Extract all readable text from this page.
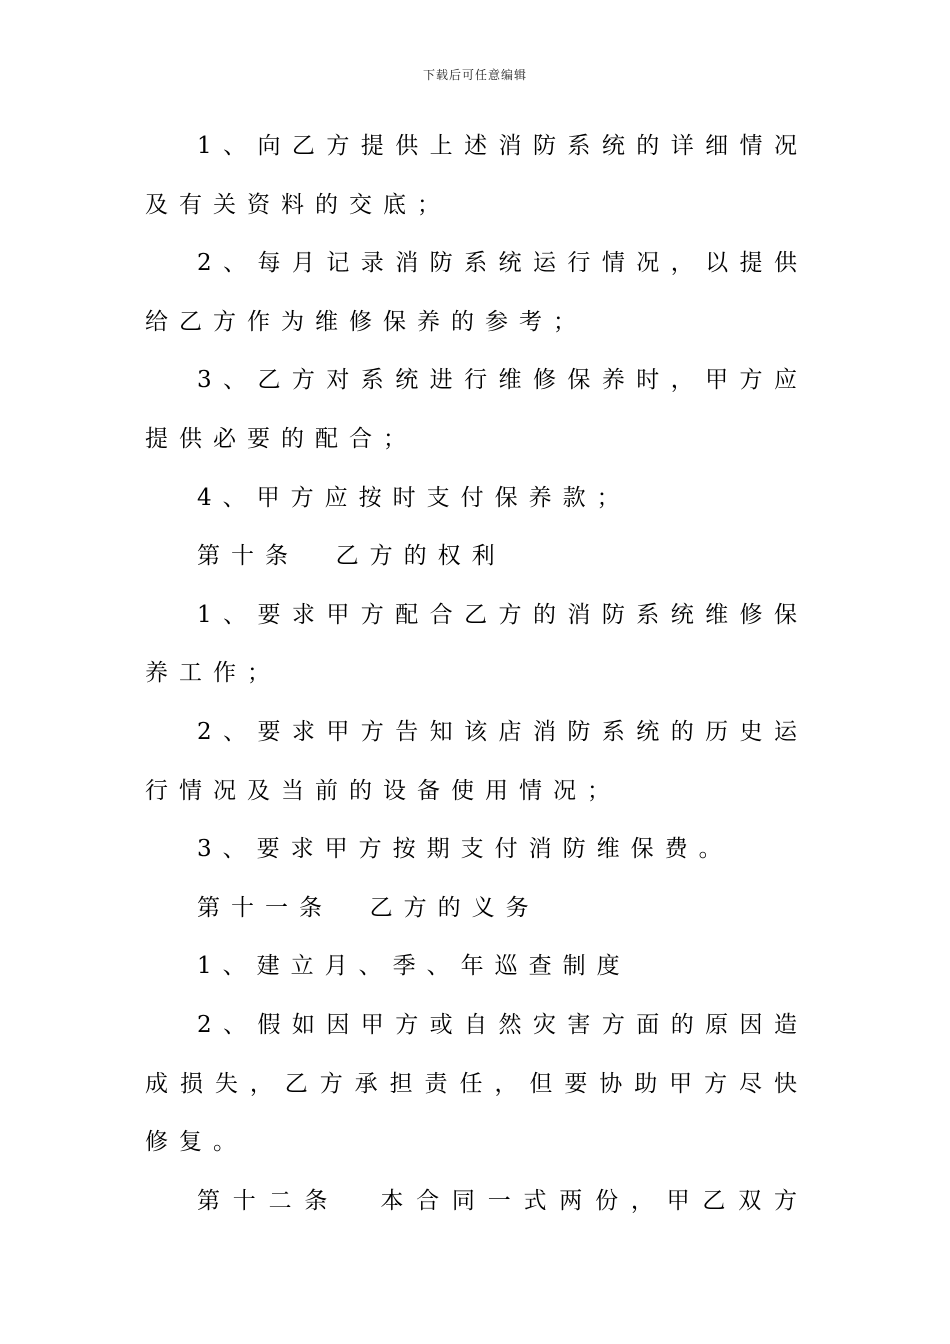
下载后可任意编辑
1、向乙方提供上述消防系统的详细情况
及有关资料的交底；
2、每月记录消防系统运行情况，以提供
给乙方作为维修保养的参考；
3、乙方对系统进行维修保养时，甲方应
提供必要的配合；
4、甲方应按时支付保养款；
第十条  乙方的权利
1、要求甲方配合乙方的消防系统维修保
养工作；
2、要求甲方告知该店消防系统的历史运
行情况及当前的设备使用情况；
3、要求甲方按期支付消防维保费。
第十一条  乙方的义务
1、建立月、季、年巡查制度
2、假如因甲方或自然灾害方面的原因造
成损失，乙方承担责任，但要协助甲方尽快
修复。
第十二条  本合同一式两份，甲乙双方
